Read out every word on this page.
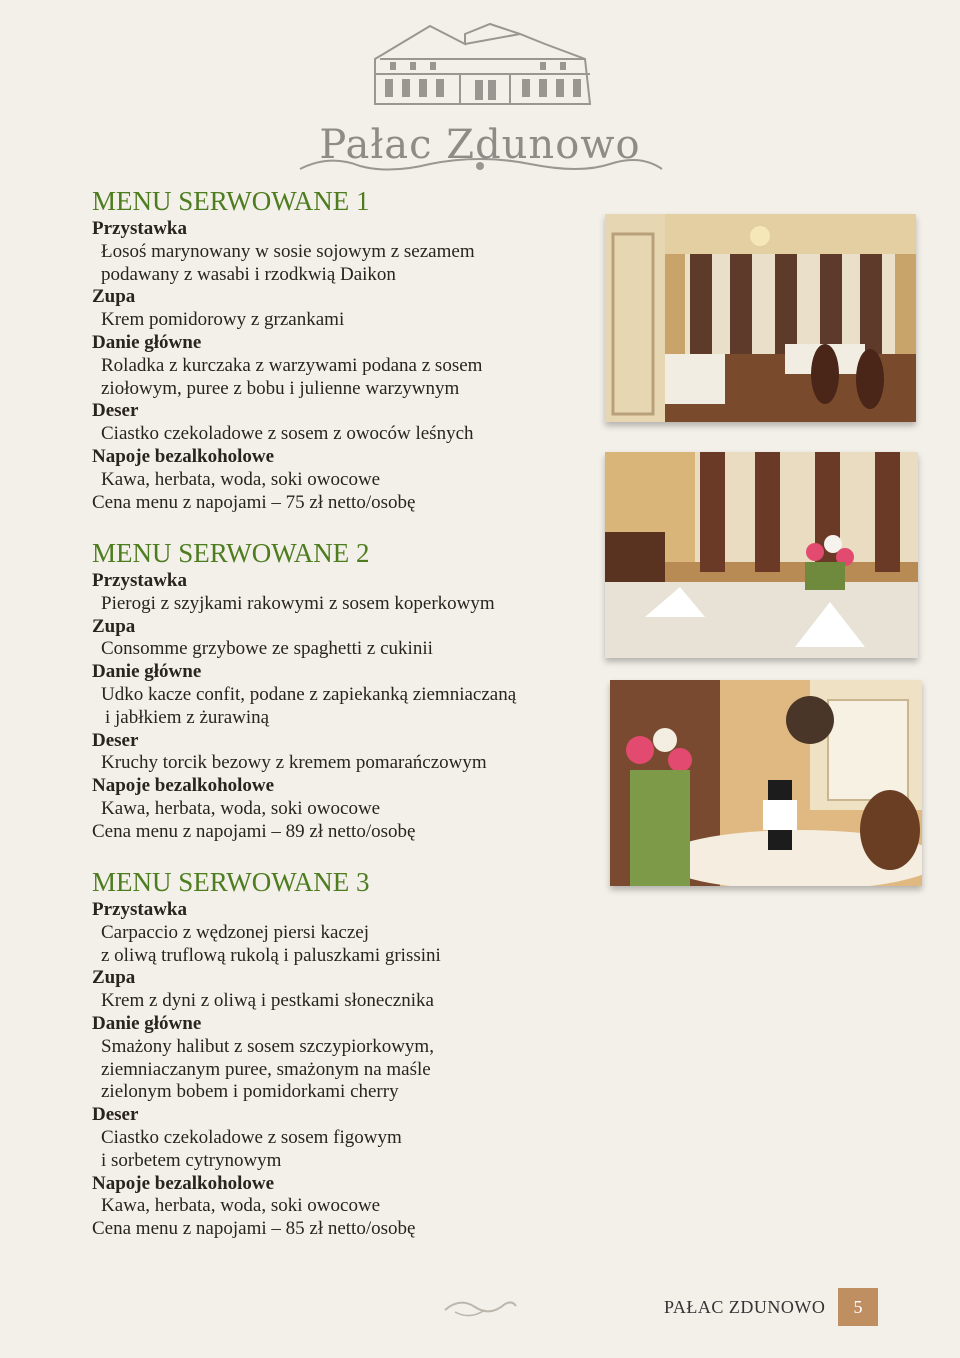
Pałac Zdunowo
MENU SERWOWANE 1
Przystawka
Łosoś marynowany w sosie sojowym z sezamem
podawany z wasabi i rzodkwią Daikon
Zupa
Krem pomidorowy z grzankami
Danie główne
Roladka z kurczaka z warzywami podana z sosem
ziołowym, puree z bobu i julienne warzywnym
Deser
Ciastko czekoladowe z sosem z owoców leśnych
Napoje bezalkoholowe
Kawa, herbata, woda, soki owocowe
Cena menu z napojami – 75 zł netto/osobę
MENU SERWOWANE 2
Przystawka
Pierogi z szyjkami rakowymi z sosem koperkowym
Zupa
Consomme grzybowe ze spaghetti z cukinii
Danie główne
Udko kacze confit, podane z zapiekanką ziemniaczaną
i jabłkiem z żurawiną
Deser
Kruchy torcik bezowy z kremem pomarańczowym
Napoje bezalkoholowe
Kawa, herbata, woda, soki owocowe
Cena menu z napojami – 89 zł netto/osobę
MENU SERWOWANE 3
Przystawka
Carpaccio z wędzonej piersi kaczej
z oliwą truflową rukolą i paluszkami grissini
Zupa
Krem z dyni z oliwą i pestkami słonecznika
Danie główne
Smażony halibut z sosem szczypiorkowym,
ziemniaczanym puree, smażonym na maśle
zielonym bobem i pomidorkami cherry
Deser
Ciastko czekoladowe z sosem figowym
i sorbetem cytrynowym
Napoje bezalkoholowe
Kawa, herbata, woda, soki owocowe
Cena menu z napojami – 85 zł netto/osobę
PAŁAC ZDUNOWO	5
